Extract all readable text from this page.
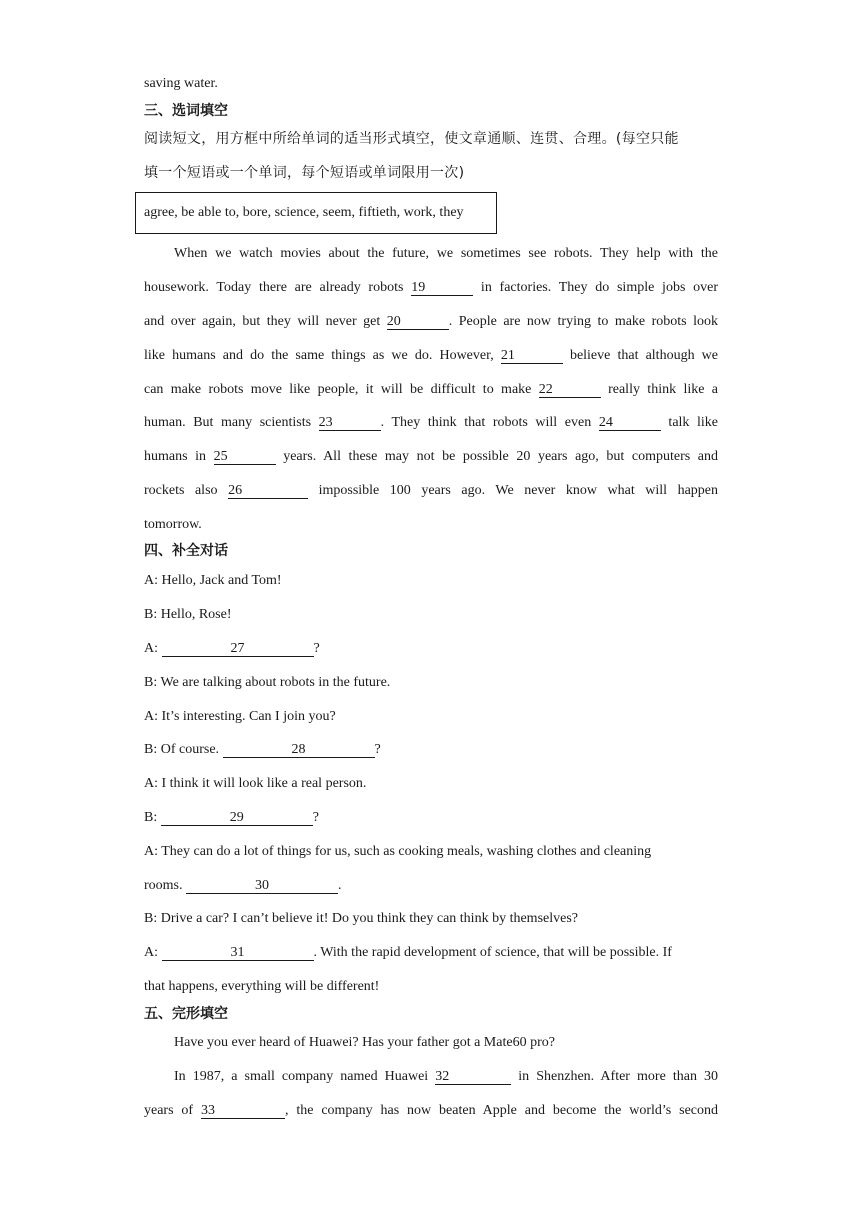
saving water.
三、选词填空
阅读短文，用方框中所给单词的适当形式填空，使文章通顺、连贯、合理。(每空只能
填一个短语或一个单词，每个短语或单词限用一次)
agree, be able to, bore, science, seem, fiftieth, work, they
When we watch movies about the future, we sometimes see robots. They help with the
housework. Today there are already robots 19	in factories. They do simple jobs over
and over again, but they will never get 20	. People are now trying to make robots look
like humans and do the same things as we do. However, 21	believe that although we
can make robots move like people, it will be difficult to make 22	really think like a
human. But many scientists 23	. They think that robots will even 24	talk like
humans in 25	years. All these may not be possible 20 years ago, but computers and
rockets also 26	impossible 100 years ago. We never know what will happen
tomorrow.
四、补全对话
A: Hello, Jack and Tom!
B: Hello, Rose!
A:	27	?
B: We are talking about robots in the future.
A: It’s interesting. Can I join you?
B: Of course.	28	?
A: I think it will look like a real person.
B:	29	?
A: They can do a lot of things for us, such as cooking meals, washing clothes and cleaning
rooms.	30	.
B: Drive a car? I can’t believe it! Do you think they can think by themselves?
A:	31	. With the rapid development of science, that will be possible. If
that happens, everything will be different!
五、完形填空
Have you ever heard of Huawei? Has your father got a Mate60 pro?
In 1987, a small company named Huawei 32	in Shenzhen. After more than 30
years of 33	, the company has now beaten Apple and become the world’s second
